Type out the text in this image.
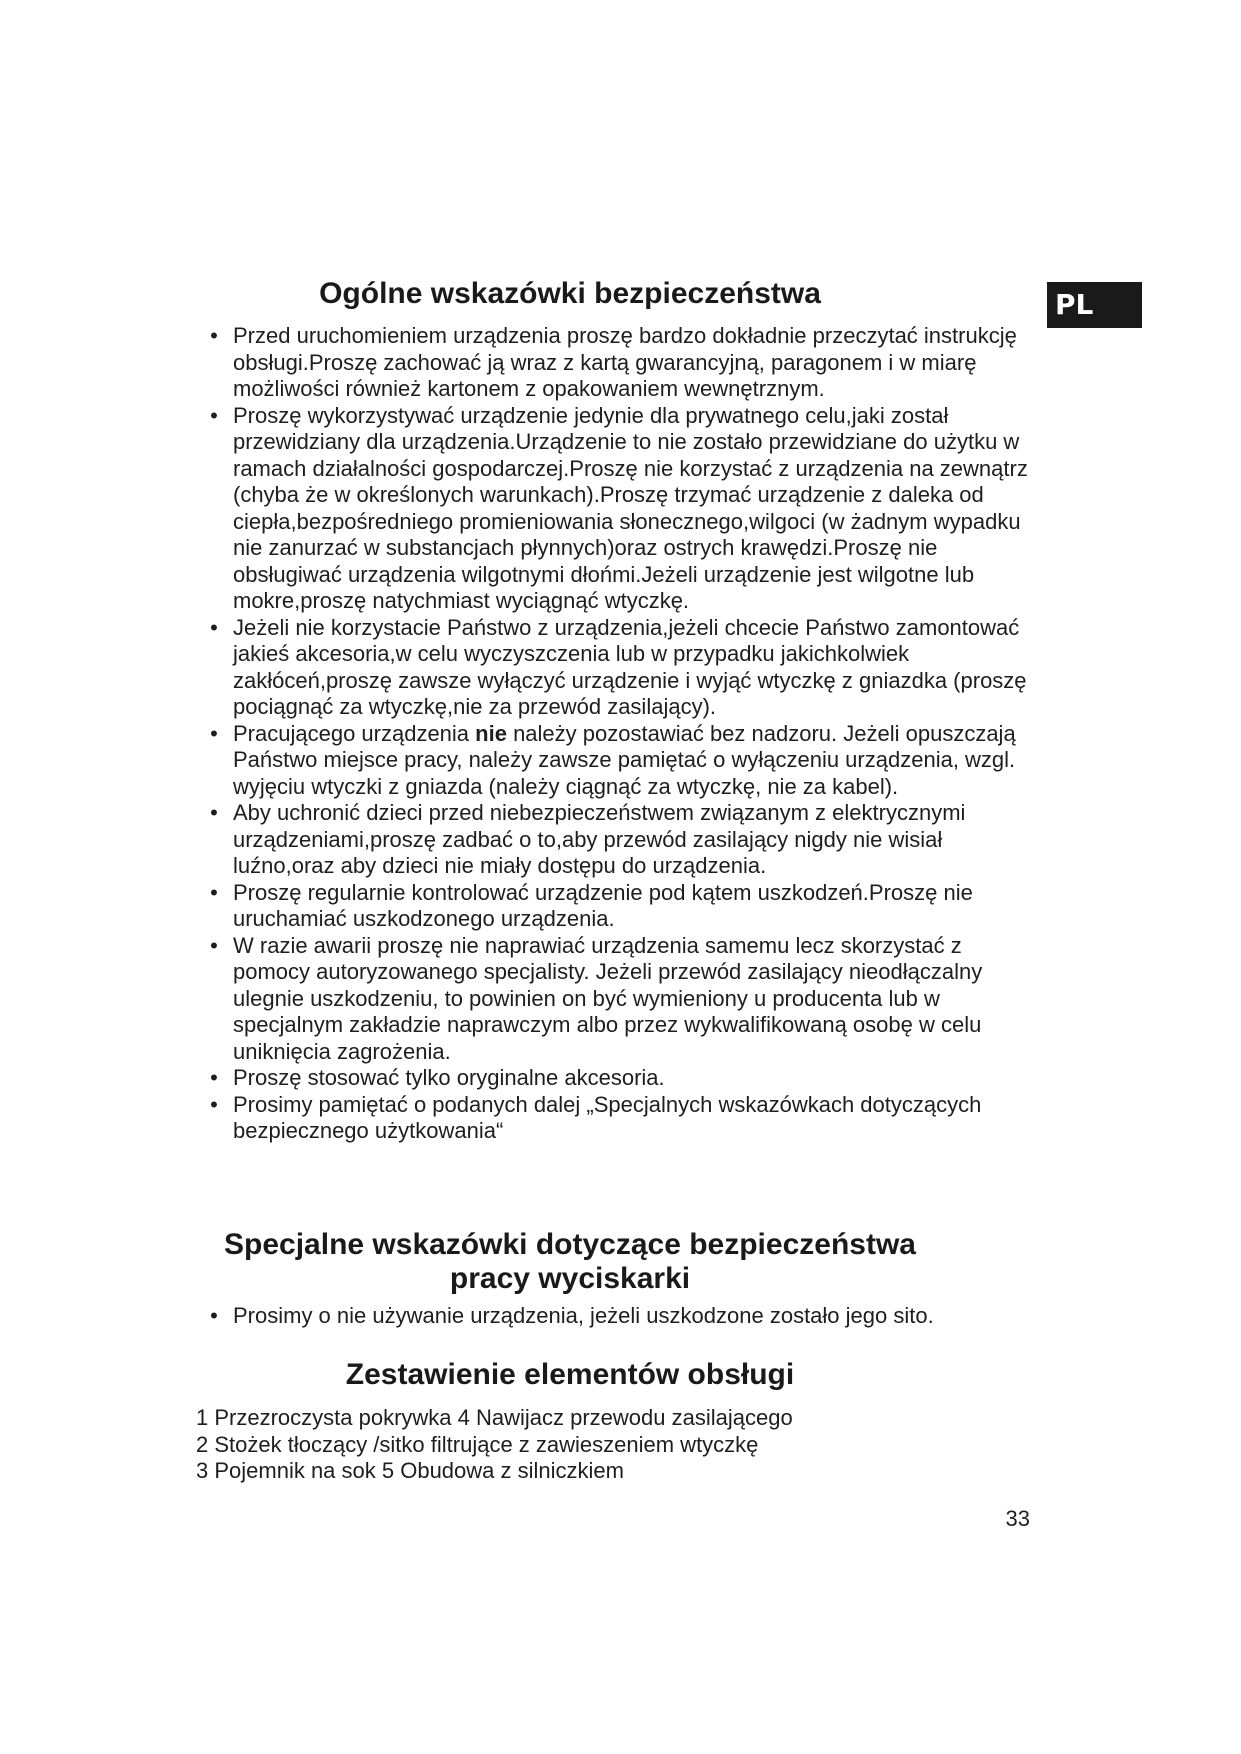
PL
Ogólne wskazówki bezpieczeństwa
• Przed uruchomieniem urządzenia proszę bardzo dokładnie przeczytać instrukcję obsługi.Proszę zachować ją wraz z kartą gwarancyjną, paragonem i w miarę możliwości również kartonem z opakowaniem wewnętrznym.
• Proszę wykorzystywać urządzenie jedynie dla prywatnego celu,jaki został przewidziany dla urządzenia.Urządzenie to nie zostało przewidziane do użytku w ramach działalności gospodarczej.Proszę nie korzystać z urządzenia na zewnątrz (chyba że w określonych warunkach).Proszę trzymać urządzenie z daleka od ciepła,bezpośredniego promieniowania słonecznego,wilgoci (w żadnym wypadku nie zanurzać w substancjach płynnych)oraz ostrych krawędzi.Proszę nie obsługiwać urządzenia wilgotnymi dłońmi.Jeżeli urządzenie jest wilgotne lub mokre,proszę natychmiast wyciągnąć wtyczkę.
• Jeżeli nie korzystacie Państwo z urządzenia,jeżeli chcecie Państwo zamontować jakieś akcesoria,w celu wyczyszczenia lub w przypadku jakichkolwiek zakłóceń,proszę zawsze wyłączyć urządzenie i wyjąć wtyczkę z gniazdka (proszę pociągnąć za wtyczkę,nie za przewód zasilający).
• Pracującego urządzenia nie należy pozostawiać bez nadzoru. Jeżeli opuszczają Państwo miejsce pracy, należy zawsze pamiętać o wyłączeniu urządzenia, wzgl. wyjęciu wtyczki z gniazda (należy ciągnąć za wtyczkę, nie za kabel).
• Aby uchronić dzieci przed niebezpieczeństwem związanym z elektrycznymi urządzeniami,proszę zadbać o to,aby przewód zasilający nigdy nie wisiał luźno,oraz aby dzieci nie miały dostępu do urządzenia.
• Proszę regularnie kontrolować urządzenie pod kątem uszkodzeń.Proszę nie uruchamiać uszkodzonego urządzenia.
• W razie awarii proszę nie naprawiać urządzenia samemu lecz skorzystać z pomocy autoryzowanego specjalisty. Jeżeli przewód zasilający nieodłączalny ulegnie uszkodzeniu, to powinien on być wymieniony u producenta lub w specjalnym zakładzie naprawczym albo przez wykwalifikowaną osobę w celu uniknięcia zagrożenia.
• Proszę stosować tylko oryginalne akcesoria.
• Prosimy pamiętać o podanych dalej „Specjalnych wskazówkach dotyczących bezpiecznego użytkowania“
Specjalne wskazówki dotyczące bezpieczeństwa pracy wyciskarki
• Prosimy o nie używanie urządzenia, jeżeli uszkodzone zostało jego sito.
Zestawienie elementów obsługi
1 Przezroczysta pokrywka 4 Nawijacz przewodu zasilającego
2 Stożek tłoczący /sitko filtrujące z zawieszeniem wtyczkę
3 Pojemnik na sok 5 Obudowa z silniczkiem
33
